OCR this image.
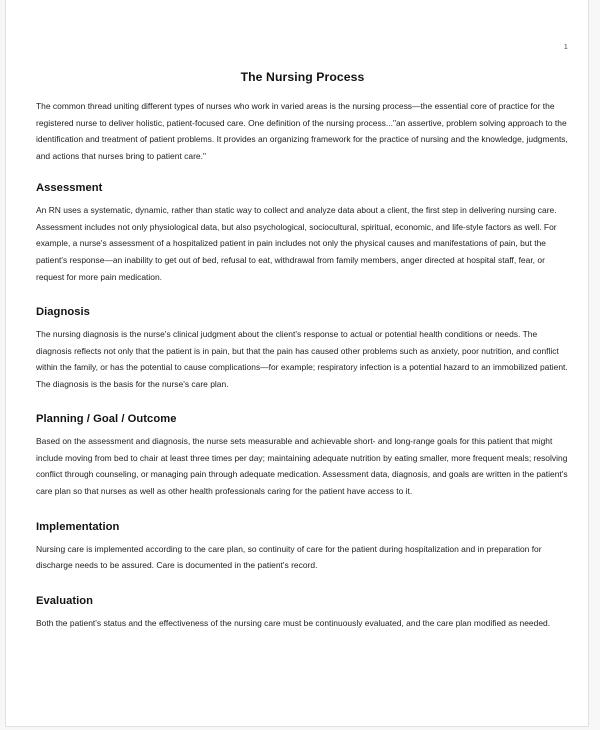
1
The Nursing Process

The common thread uniting different types of nurses who work in varied areas is the nursing process—the essential core of practice for the registered nurse to deliver holistic, patient-focused care. One definition of the nursing process..."an assertive, problem solving approach to the identification and treatment of patient problems. It provides an organizing framework for the practice of nursing and the knowledge, judgments, and actions that nurses bring to patient care."

Assessment

An RN uses a systematic, dynamic, rather than static way to collect and analyze data about a client, the first step in delivering nursing care. Assessment includes not only physiological data, but also psychological, sociocultural, spiritual, economic, and life-style factors as well. For example, a nurse's assessment of a hospitalized patient in pain includes not only the physical causes and manifestations of pain, but the patient's response—an inability to get out of bed, refusal to eat, withdrawal from family members, anger directed at hospital staff, fear, or request for more pain medication.

Diagnosis

The nursing diagnosis is the nurse's clinical judgment about the client's response to actual or potential health conditions or needs. The diagnosis reflects not only that the patient is in pain, but that the pain has caused other problems such as anxiety, poor nutrition, and conflict within the family, or has the potential to cause complications—for example; respiratory infection is a potential hazard to an immobilized patient. The diagnosis is the basis for the nurse's care plan.

Planning / Goal / Outcome

Based on the assessment and diagnosis, the nurse sets measurable and achievable short- and long-range goals for this patient that might include moving from bed to chair at least three times per day; maintaining adequate nutrition by eating smaller, more frequent meals; resolving conflict through counseling, or managing pain through adequate medication. Assessment data, diagnosis, and goals are written in the patient's care plan so that nurses as well as other health professionals caring for the patient have access to it.

Implementation

Nursing care is implemented according to the care plan, so continuity of care for the patient during hospitalization and in preparation for discharge needs to be assured. Care is documented in the patient's record.

Evaluation

Both the patient's status and the effectiveness of the nursing care must be continuously evaluated, and the care plan modified as needed.
